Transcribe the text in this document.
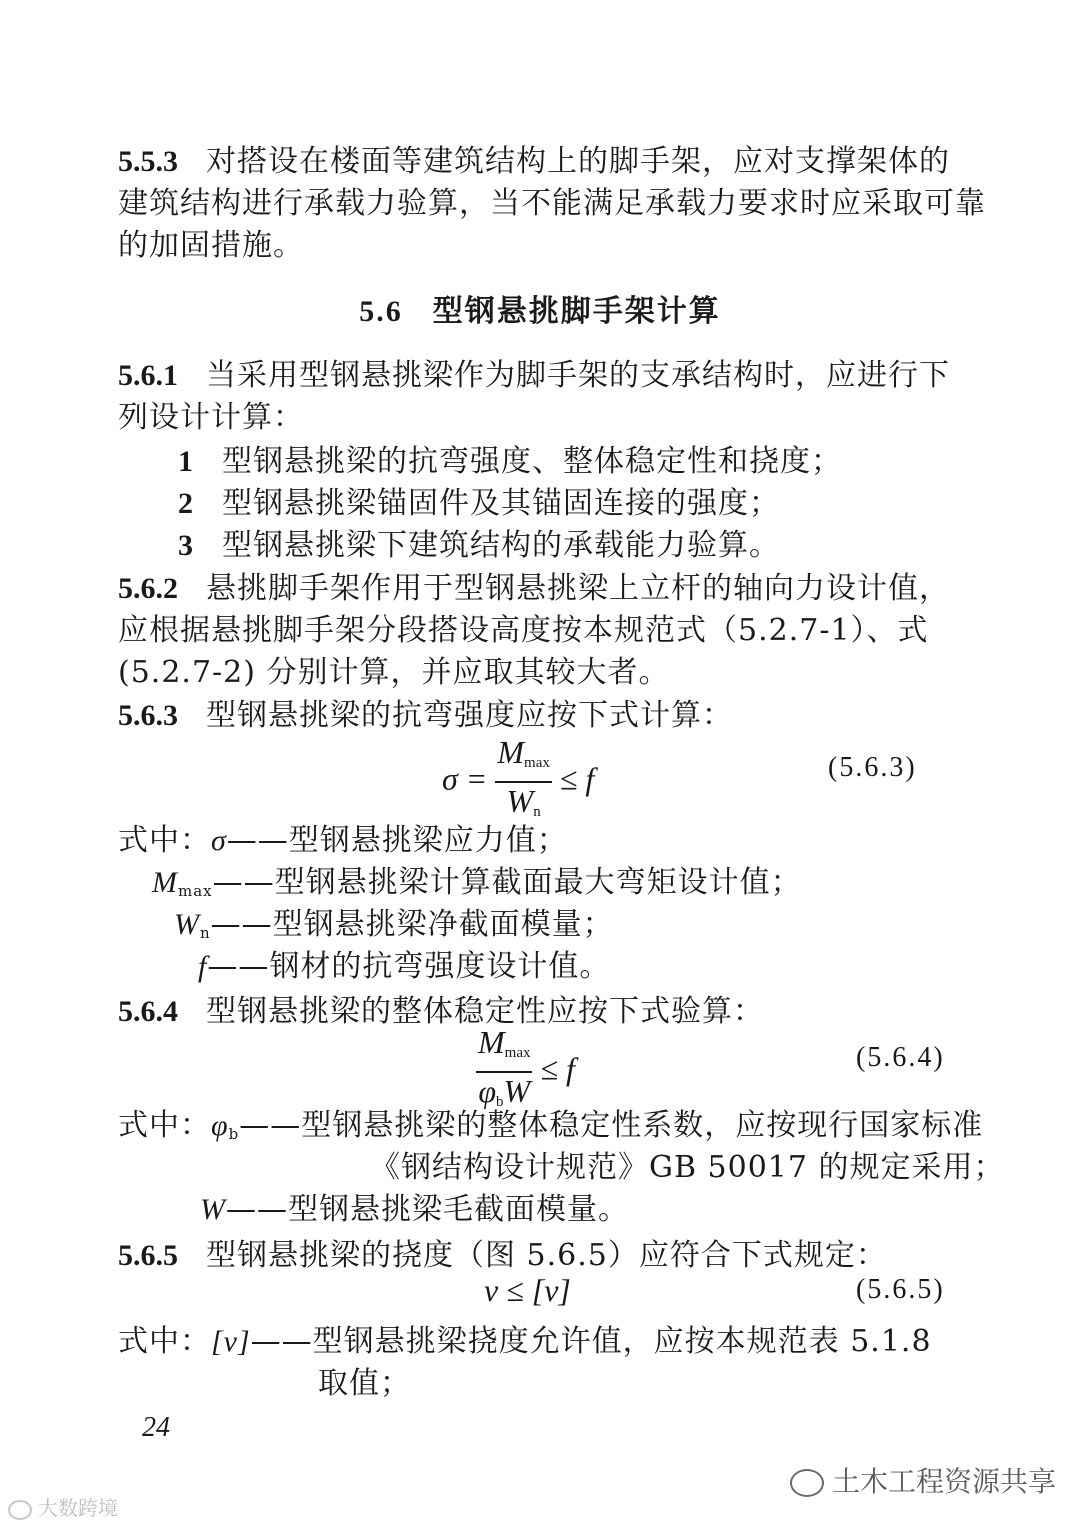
5.5.3 对搭设在楼面等建筑结构上的脚手架，应对支撑架体的
建筑结构进行承载力验算，当不能满足承载力要求时应采取可靠
的加固措施。
5.6 型钢悬挑脚手架计算
5.6.1 当采用型钢悬挑梁作为脚手架的支承结构时，应进行下
列设计计算：
1 型钢悬挑梁的抗弯强度、整体稳定性和挠度；
2 型钢悬挑梁锚固件及其锚固连接的强度；
3 型钢悬挑梁下建筑结构的承载能力验算。
5.6.2 悬挑脚手架作用于型钢悬挑梁上立杆的轴向力设计值，
应根据悬挑脚手架分段搭设高度按本规范式（5.2.7-1）、式
(5.2.7-2) 分别计算，并应取其较大者。
5.6.3 型钢悬挑梁的抗弯强度应按下式计算：
$\sigma = \frac{M_{max}}{W_n} \le f$	(5.6.3)
式中：σ——型钢悬挑梁应力值；
$M_{max}——$型钢悬挑梁计算截面最大弯矩设计值；
$W_n——$型钢悬挑梁净截面模量；
f——钢材的抗弯强度设计值。
5.6.4 型钢悬挑梁的整体稳定性应按下式验算：
$\frac{M_{max}}{\varphi_bW} \le f$	(5.6.4)
式中：$\varphi_b——$型钢悬挑梁的整体稳定性系数，应按现行国家标准
《钢结构设计规范》GB 50017 的规定采用；
W——型钢悬挑梁毛截面模量。
5.6.5 型钢悬挑梁的挠度（图 5.6.5）应符合下式规定：
v ≤ [v]	(5.6.5)
式中：[v]——型钢悬挑梁挠度允许值，应按本规范表 5.1.8
取值；
24
土木工程资源共享
大数跨境
